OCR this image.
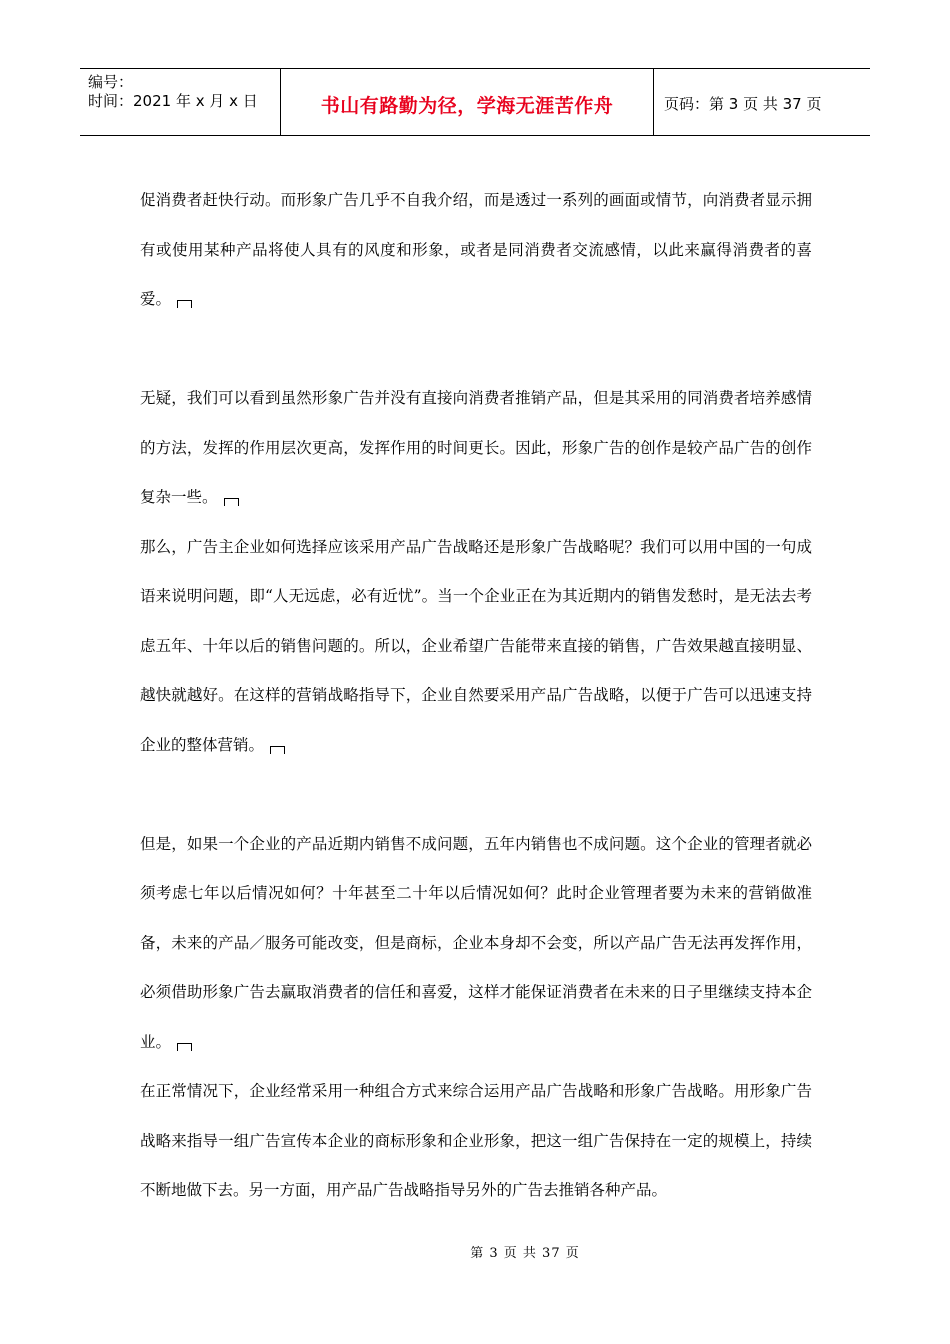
编号：
时间：2021 年 x 月 x 日	书山有路勤为径，学海无涯苦作舟	页码：第 3 页 共 37 页

促消费者赶快行动。而形象广告几乎不自我介绍，而是透过一系列的画面或情节，向消费者显示拥有或使用某种产品将使人具有的风度和形象，或者是同消费者交流感情，以此来赢得消费者的喜爱。

无疑，我们可以看到虽然形象广告并没有直接向消费者推销产品，但是其采用的同消费者培养感情的方法，发挥的作用层次更高，发挥作用的时间更长。因此，形象广告的创作是较产品广告的创作复杂一些。

那么，广告主企业如何选择应该采用产品广告战略还是形象广告战略呢？我们可以用中国的一句成语来说明问题，即“人无远虑，必有近忧”。当一个企业正在为其近期内的销售发愁时，是无法去考虑五年、十年以后的销售问题的。所以，企业希望广告能带来直接的销售，广告效果越直接明显、越快就越好。在这样的营销战略指导下，企业自然要采用产品广告战略，以便于广告可以迅速支持企业的整体营销。

但是，如果一个企业的产品近期内销售不成问题，五年内销售也不成问题。这个企业的管理者就必须考虑七年以后情况如何？十年甚至二十年以后情况如何？此时企业管理者要为未来的营销做准备，未来的产品／服务可能改变，但是商标，企业本身却不会变，所以产品广告无法再发挥作用，必须借助形象广告去赢取消费者的信任和喜爱，这样才能保证消费者在未来的日子里继续支持本企业。

在正常情况下，企业经常采用一种组合方式来综合运用产品广告战略和形象广告战略。用形象广告战略来指导一组广告宣传本企业的商标形象和企业形象，把这一组广告保持在一定的规模上，持续不断地做下去。另一方面，用产品广告战略指导另外的广告去推销各种产品。

第 3 页 共 37 页
